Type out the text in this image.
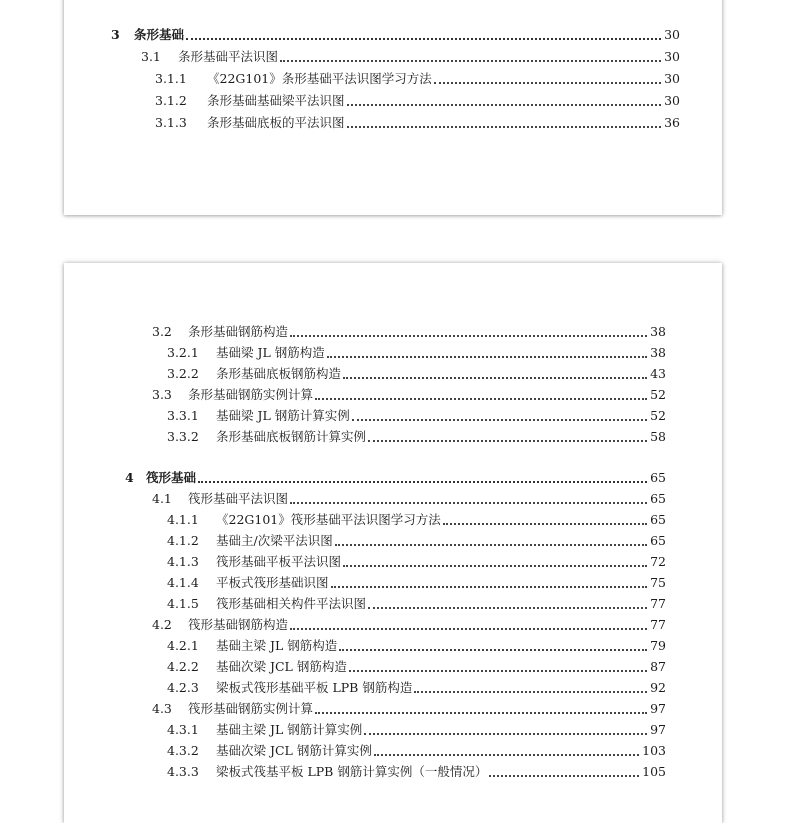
3	条形基础	30
3.1	条形基础平法识图	30
3.1.1	《22G101》条形基础平法识图学习方法	30
3.1.2	条形基础基础梁平法识图	30
3.1.3	条形基础底板的平法识图	36
3.2	条形基础钢筋构造	38
3.2.1	基础梁 JL 钢筋构造	38
3.2.2	条形基础底板钢筋构造	43
3.3	条形基础钢筋实例计算	52
3.3.1	基础梁 JL 钢筋计算实例	52
3.3.2	条形基础底板钢筋计算实例	58
4 筏形基础	65
4.1	筏形基础平法识图	65
4.1.1	《22G101》筏形基础平法识图学习方法	65
4.1.2	基础主/次梁平法识图	65
4.1.3	筏形基础平板平法识图	72
4.1.4	平板式筏形基础识图	75
4.1.5	筏形基础相关构件平法识图	77
4.2	筏形基础钢筋构造	77
4.2.1	基础主梁 JL 钢筋构造	79
4.2.2	基础次梁 JCL 钢筋构造	87
4.2.3	梁板式筏形基础平板 LPB 钢筋构造	92
4.3	筏形基础钢筋实例计算	97
4.3.1	基础主梁 JL 钢筋计算实例	97
4.3.2	基础次梁 JCL 钢筋计算实例	103
4.3.3	梁板式筏基平板 LPB 钢筋计算实例（一般情况）	105
